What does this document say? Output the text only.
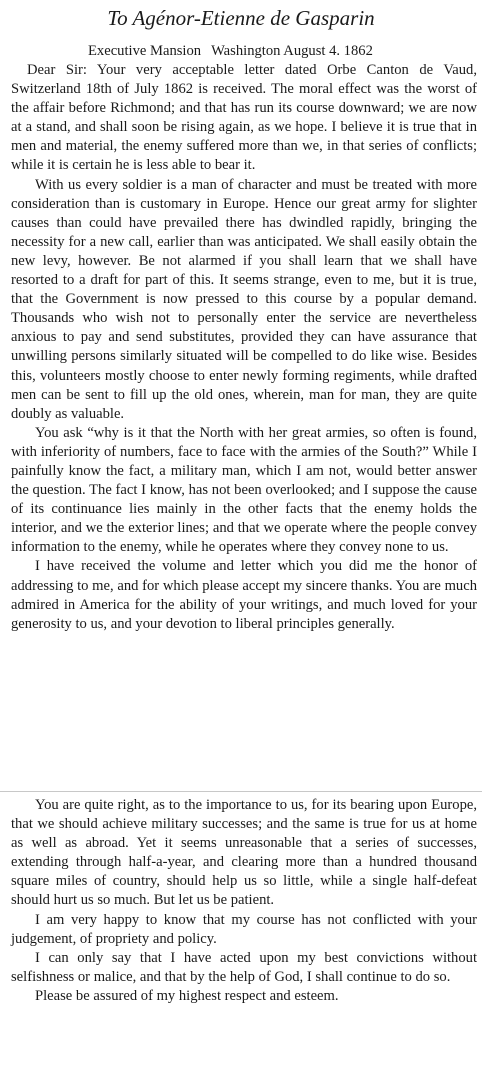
To Agénor-Etienne de Gasparin
Executive Mansion Washington August 4. 1862

Dear Sir: Your very acceptable letter dated Orbe Canton de Vaud, Switzerland 18th of July 1862 is received. The moral effect was the worst of the affair before Richmond; and that has run its course downward; we are now at a stand, and shall soon be rising again, as we hope. I believe it is true that in men and material, the enemy suffered more than we, in that series of conflicts; while it is certain he is less able to bear it.

With us every soldier is a man of character and must be treated with more consideration than is customary in Europe. Hence our great army for slighter causes than could have prevailed there has dwindled rapidly, bringing the necessity for a new call, earlier than was anticipated. We shall easily obtain the new levy, however. Be not alarmed if you shall learn that we shall have resorted to a draft for part of this. It seems strange, even to me, but it is true, that the Government is now pressed to this course by a popular demand. Thousands who wish not to personally enter the service are nevertheless anxious to pay and send substitutes, provided they can have assurance that unwilling persons similarly situated will be compelled to do like wise. Besides this, volunteers mostly choose to enter newly forming regiments, while drafted men can be sent to fill up the old ones, wherein, man for man, they are quite doubly as valuable.

You ask “why is it that the North with her great armies, so often is found, with inferiority of numbers, face to face with the armies of the South?” While I painfully know the fact, a military man, which I am not, would better answer the question. The fact I know, has not been overlooked; and I suppose the cause of its continuance lies mainly in the other facts that the enemy holds the interior, and we the exterior lines; and that we operate where the people convey information to the enemy, while he operates where they convey none to us.

I have received the volume and letter which you did me the honor of addressing to me, and for which please accept my sincere thanks. You are much admired in America for the ability of your writings, and much loved for your generosity to us, and your devotion to liberal principles generally.

You are quite right, as to the importance to us, for its bearing upon Europe, that we should achieve military successes; and the same is true for us at home as well as abroad. Yet it seems unreasonable that a series of successes, extending through half-a-year, and clearing more than a hundred thousand square miles of country, should help us so little, while a single half-defeat should hurt us so much. But let us be patient.

I am very happy to know that my course has not conflicted with your judgement, of propriety and policy.

I can only say that I have acted upon my best convictions without selfishness or malice, and that by the help of God, I shall continue to do so.

Please be assured of my highest respect and esteem.
